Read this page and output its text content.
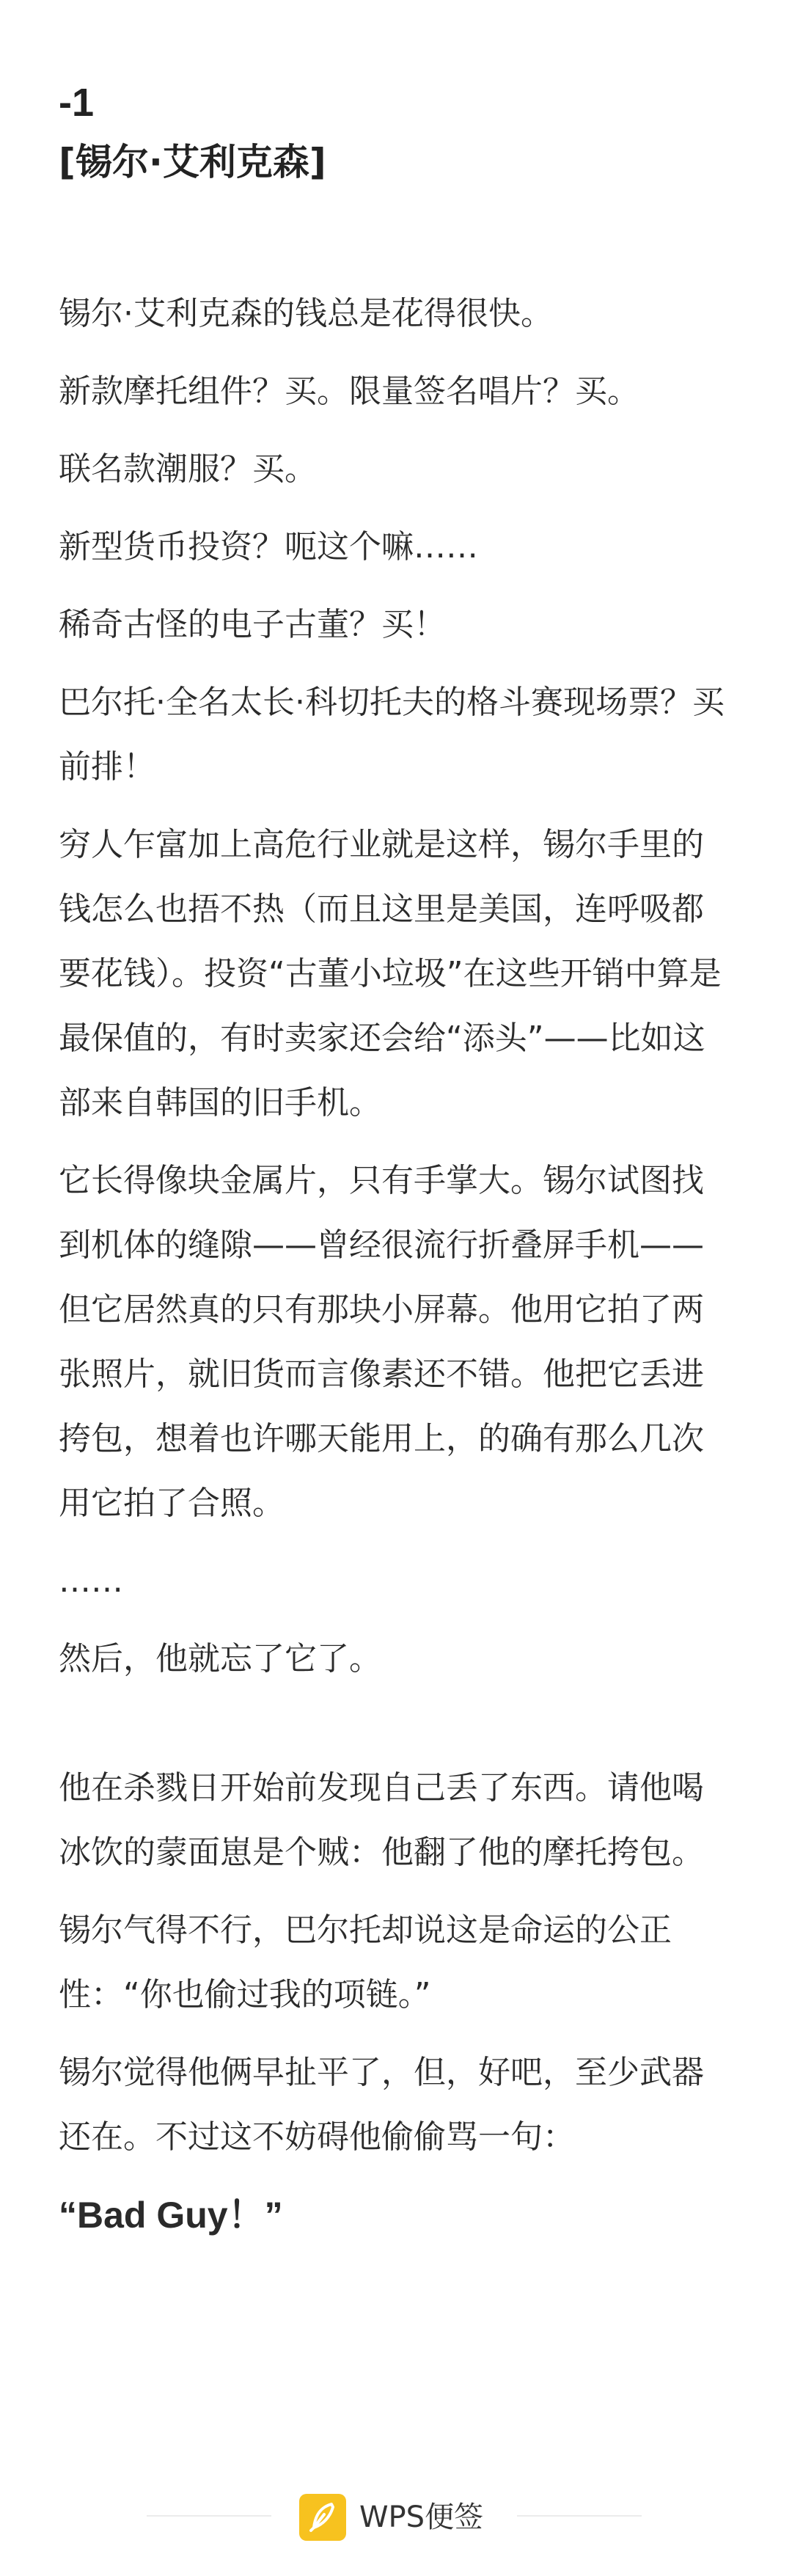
-1
[锡尔·艾利克森]

锡尔·艾利克森的钱总是花得很快。

新款摩托组件？买。限量签名唱片？买。

联名款潮服？买。

新型货币投资？呃这个嘛……

稀奇古怪的电子古董？买！

巴尔托·全名太长·科切托夫的格斗赛现场票？买前排！

穷人乍富加上高危行业就是这样，锡尔手里的钱怎么也捂不热（而且这里是美国，连呼吸都要花钱）。投资“古董小垃圾”在这些开销中算是最保值的，有时卖家还会给“添头”——比如这部来自韩国的旧手机。

它长得像块金属片，只有手掌大。锡尔试图找到机体的缝隙——曾经很流行折叠屏手机——但它居然真的只有那块小屏幕。他用它拍了两张照片，就旧货而言像素还不错。他把它丢进挎包，想着也许哪天能用上，的确有那么几次用它拍了合照。

……

然后，他就忘了它了。

他在杀戮日开始前发现自己丢了东西。请他喝冰饮的蒙面崽是个贼：他翻了他的摩托挎包。

锡尔气得不行，巴尔托却说这是命运的公正性：“你也偷过我的项链。”

锡尔觉得他俩早扯平了，但，好吧，至少武器还在。不过这不妨碍他偷偷骂一句：

“Bad Guy！”

WPS便签
